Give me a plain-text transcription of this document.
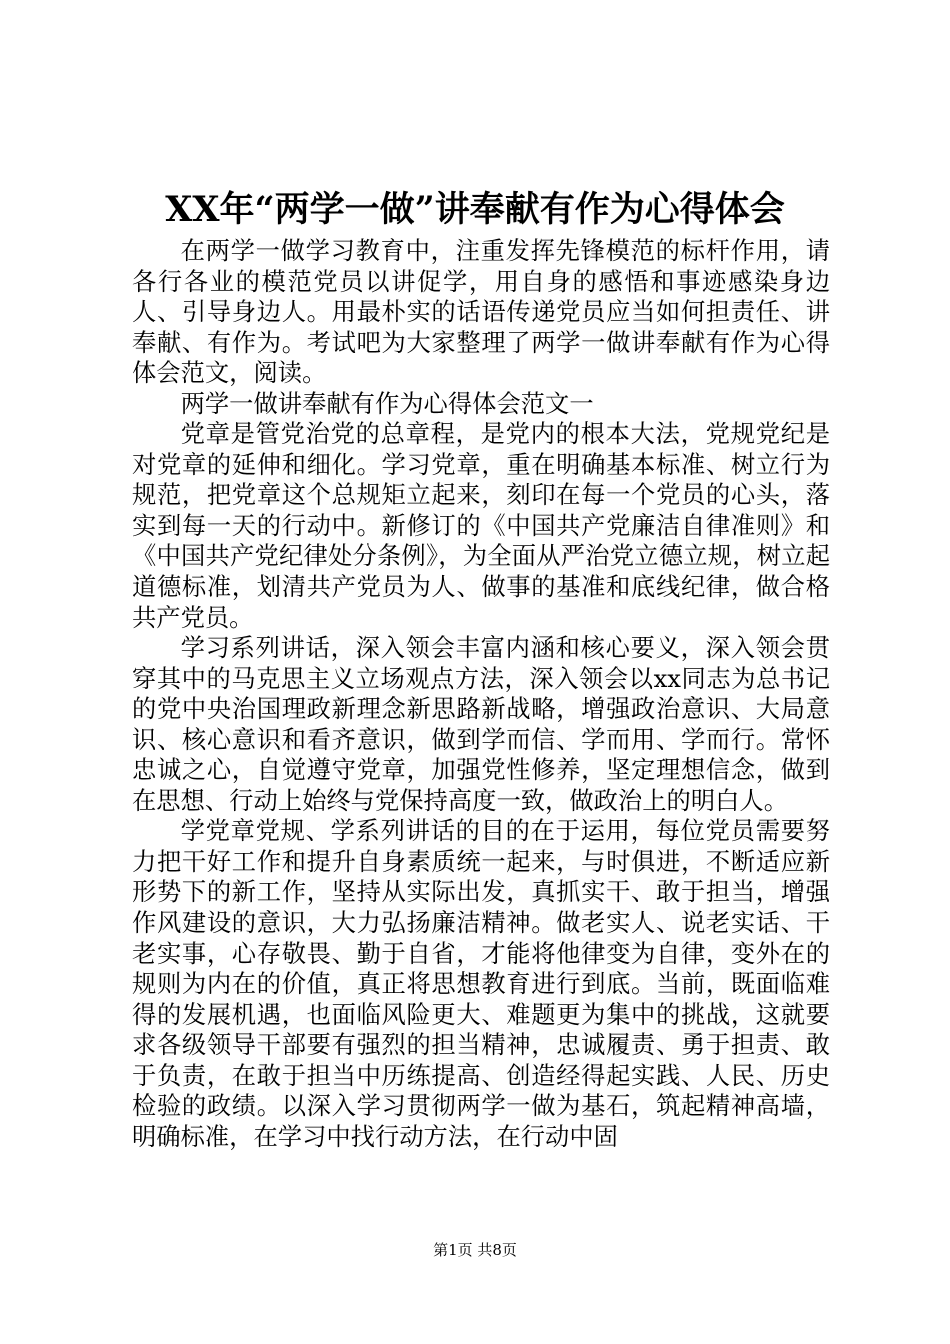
XX年“两学一做”讲奉献有作为心得体会

在两学一做学习教育中，注重发挥先锋模范的标杆作用，请各行各业的模范党员以讲促学，用自身的感悟和事迹感染身边人、引导身边人。用最朴实的话语传递党员应当如何担责任、讲奉献、有作为。考试吧为大家整理了两学一做讲奉献有作为心得体会范文，阅读。

两学一做讲奉献有作为心得体会范文一

党章是管党治党的总章程，是党内的根本大法，党规党纪是对党章的延伸和细化。学习党章，重在明确基本标准、树立行为规范，把党章这个总规矩立起来，刻印在每一个党员的心头，落实到每一天的行动中。新修订的《中国共产党廉洁自律准则》和《中国共产党纪律处分条例》，为全面从严治党立德立规，树立起道德标准，划清共产党员为人、做事的基准和底线纪律，做合格共产党员。

学习系列讲话，深入领会丰富内涵和核心要义，深入领会贯穿其中的马克思主义立场观点方法，深入领会以xx同志为总书记的党中央治国理政新理念新思路新战略，增强政治意识、大局意识、核心意识和看齐意识，做到学而信、学而用、学而行。常怀忠诚之心，自觉遵守党章，加强党性修养，坚定理想信念，做到在思想、行动上始终与党保持高度一致，做政治上的明白人。

学党章党规、学系列讲话的目的在于运用，每位党员需要努力把干好工作和提升自身素质统一起来，与时俱进，不断适应新形势下的新工作，坚持从实际出发，真抓实干、敢于担当，增强作风建设的意识，大力弘扬廉洁精神。做老实人、说老实话、干老实事，心存敬畏、勤于自省，才能将他律变为自律，变外在的规则为内在的价值，真正将思想教育进行到底。当前，既面临难得的发展机遇，也面临风险更大、难题更为集中的挑战，这就要求各级领导干部要有强烈的担当精神，忠诚履责、勇于担责、敢于负责，在敢于担当中历练提高、创造经得起实践、人民、历史检验的政绩。以深入学习贯彻两学一做为基石，筑起精神高墙，明确标准，在学习中找行动方法，在行动中固

第1页 共8页
